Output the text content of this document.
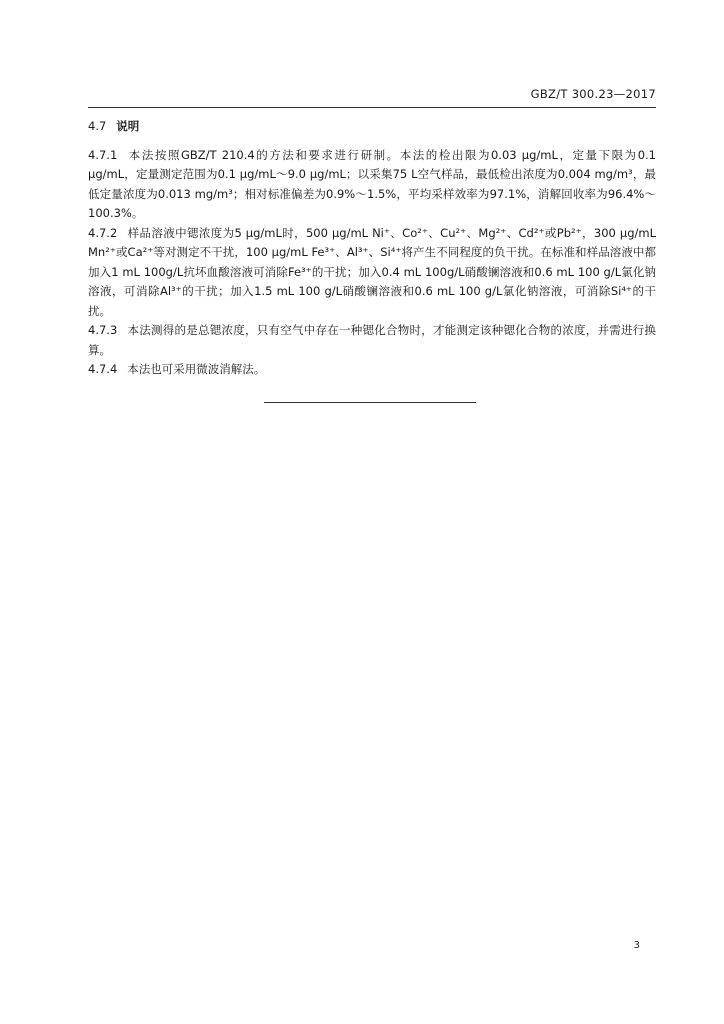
GBZ/T 300.23—2017

4.7 说明

4.7.1 本法按照GBZ/T 210.4的方法和要求进行研制。本法的检出限为0.03 μg/mL，定量下限为0.1 μg/mL，定量测定范围为0.1 μg/mL～9.0 μg/mL；以采集75 L空气样品，最低检出浓度为0.004 mg/m³，最低定量浓度为0.013 mg/m³；相对标准偏差为0.9%～1.5%，平均采样效率为97.1%，消解回收率为96.4%～100.3%。

4.7.2 样品溶液中锶浓度为5 μg/mL时，500 μg/mL Ni⁺、Co²⁺、Cu²⁺、Mg²⁺、Cd²⁺或Pb²⁺，300 μg/mL Mn²⁺或Ca²⁺等对测定不干扰，100 μg/mL Fe³⁺、Al³⁺、Si⁴⁺将产生不同程度的负干扰。在标准和样品溶液中都加入1 mL 100g/L抗坏血酸溶液可消除Fe³⁺的干扰；加入0.4 mL 100g/L硝酸镧溶液和0.6 mL 100 g/L氯化钠溶液，可消除Al³⁺的干扰；加入1.5 mL 100 g/L硝酸镧溶液和0.6 mL 100 g/L氯化钠溶液，可消除Si⁴⁺的干扰。

4.7.3 本法测得的是总锶浓度，只有空气中存在一种锶化合物时，才能测定该种锶化合物的浓度，并需进行换算。

4.7.4 本法也可采用微波消解法。

3
